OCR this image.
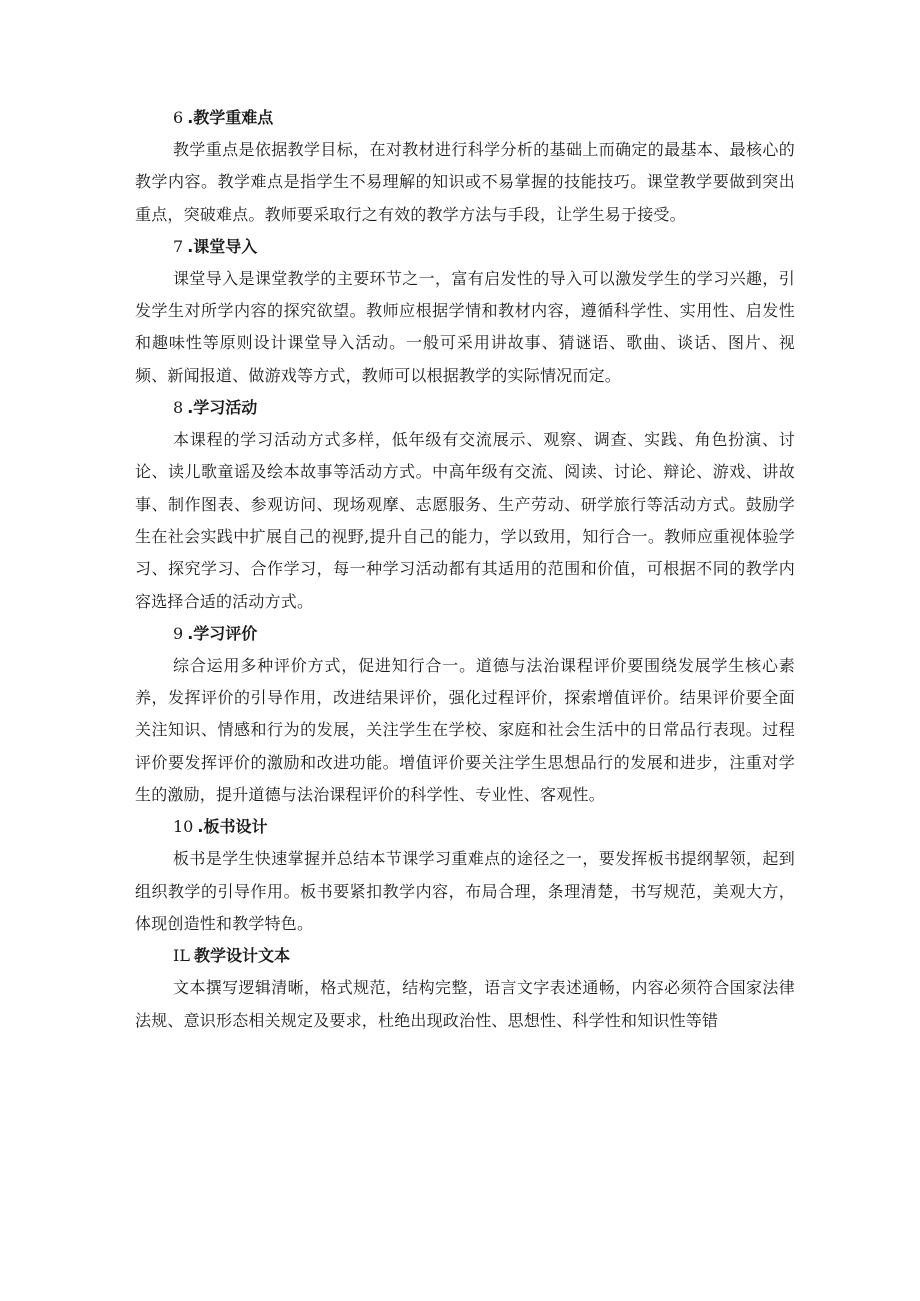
6 .教学重难点

教学重点是依据教学目标，在对教材进行科学分析的基础上而确定的最基本、最核心的教学内容。教学难点是指学生不易理解的知识或不易掌握的技能技巧。课堂教学要做到突出重点，突破难点。教师要采取行之有效的教学方法与手段，让学生易于接受。

7 .课堂导入

课堂导入是课堂教学的主要环节之一，富有启发性的导入可以激发学生的学习兴趣，引发学生对所学内容的探究欲望。教师应根据学情和教材内容，遵循科学性、实用性、启发性和趣味性等原则设计课堂导入活动。一般可采用讲故事、猜谜语、歌曲、谈话、图片、视频、新闻报道、做游戏等方式，教师可以根据教学的实际情况而定。

8 .学习活动

本课程的学习活动方式多样，低年级有交流展示、观察、调查、实践、角色扮演、讨论、读儿歌童谣及绘本故事等活动方式。中高年级有交流、阅读、讨论、辩论、游戏、讲故事、制作图表、参观访问、现场观摩、志愿服务、生产劳动、研学旅行等活动方式。鼓励学生在社会实践中扩展自己的视野,提升自己的能力，学以致用，知行合一。教师应重视体验学习、探究学习、合作学习，每一种学习活动都有其适用的范围和价值，可根据不同的教学内容选择合适的活动方式。

9 .学习评价

综合运用多种评价方式，促进知行合一。道德与法治课程评价要围绕发展学生核心素养，发挥评价的引导作用，改进结果评价，强化过程评价，探索增值评价。结果评价要全面关注知识、情感和行为的发展，关注学生在学校、家庭和社会生活中的日常品行表现。过程评价要发挥评价的激励和改进功能。增值评价要关注学生思想品行的发展和进步，注重对学生的激励，提升道德与法治课程评价的科学性、专业性、客观性。

10 .板书设计

板书是学生快速掌握并总结本节课学习重难点的途径之一，要发挥板书提纲挈领，起到组织教学的引导作用。板书要紧扣教学内容，布局合理，条理清楚，书写规范，美观大方，体现创造性和教学特色。

IL 教学设计文本

文本撰写逻辑清晰，格式规范，结构完整，语言文字表述通畅，内容必须符合国家法律法规、意识形态相关规定及要求，杜绝出现政治性、思想性、科学性和知识性等错
